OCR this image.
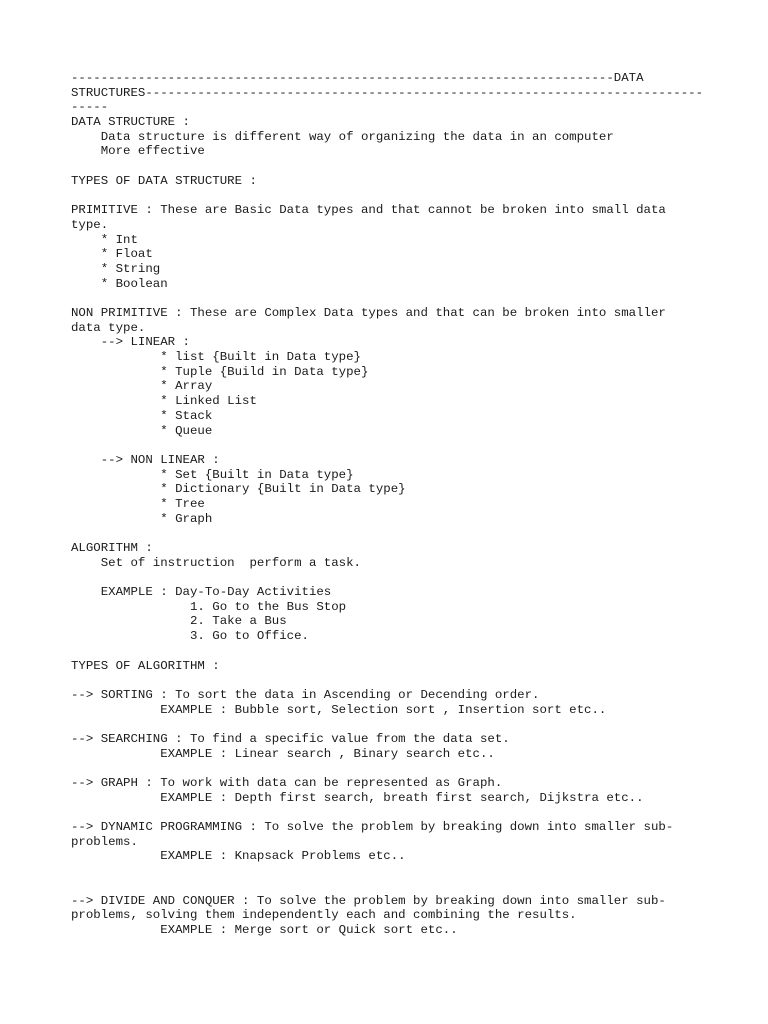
-------------------------------------------------------------------------DATA
STRUCTURES---------------------------------------------------------------------------
-----
DATA STRUCTURE :
Data structure is different way of organizing the data in an computer
More effective
TYPES OF DATA STRUCTURE :
PRIMITIVE : These are Basic Data types and that cannot be broken into small data
type.
* Int
* Float
* String
* Boolean
NON PRIMITIVE : These are Complex Data types and that can be broken into smaller
data type.
--> LINEAR :
* list {Built in Data type}
* Tuple {Build in Data type}
* Array
* Linked List
* Stack
* Queue
--> NON LINEAR :
* Set {Built in Data type}
* Dictionary {Built in Data type}
* Tree
* Graph
ALGORITHM :
Set of instruction  perform a task.
EXAMPLE : Day-To-Day Activities
1. Go to the Bus Stop
2. Take a Bus
3. Go to Office.
TYPES OF ALGORITHM :
--> SORTING : To sort the data in Ascending or Decending order.
EXAMPLE : Bubble sort, Selection sort , Insertion sort etc..
--> SEARCHING : To find a specific value from the data set.
EXAMPLE : Linear search , Binary search etc..
--> GRAPH : To work with data can be represented as Graph.
EXAMPLE : Depth first search, breath first search, Dijkstra etc..
--> DYNAMIC PROGRAMMING : To solve the problem by breaking down into smaller sub-
problems.
EXAMPLE : Knapsack Problems etc..
--> DIVIDE AND CONQUER : To solve the problem by breaking down into smaller sub-
problems, solving them independently each and combining the results.
EXAMPLE : Merge sort or Quick sort etc..
